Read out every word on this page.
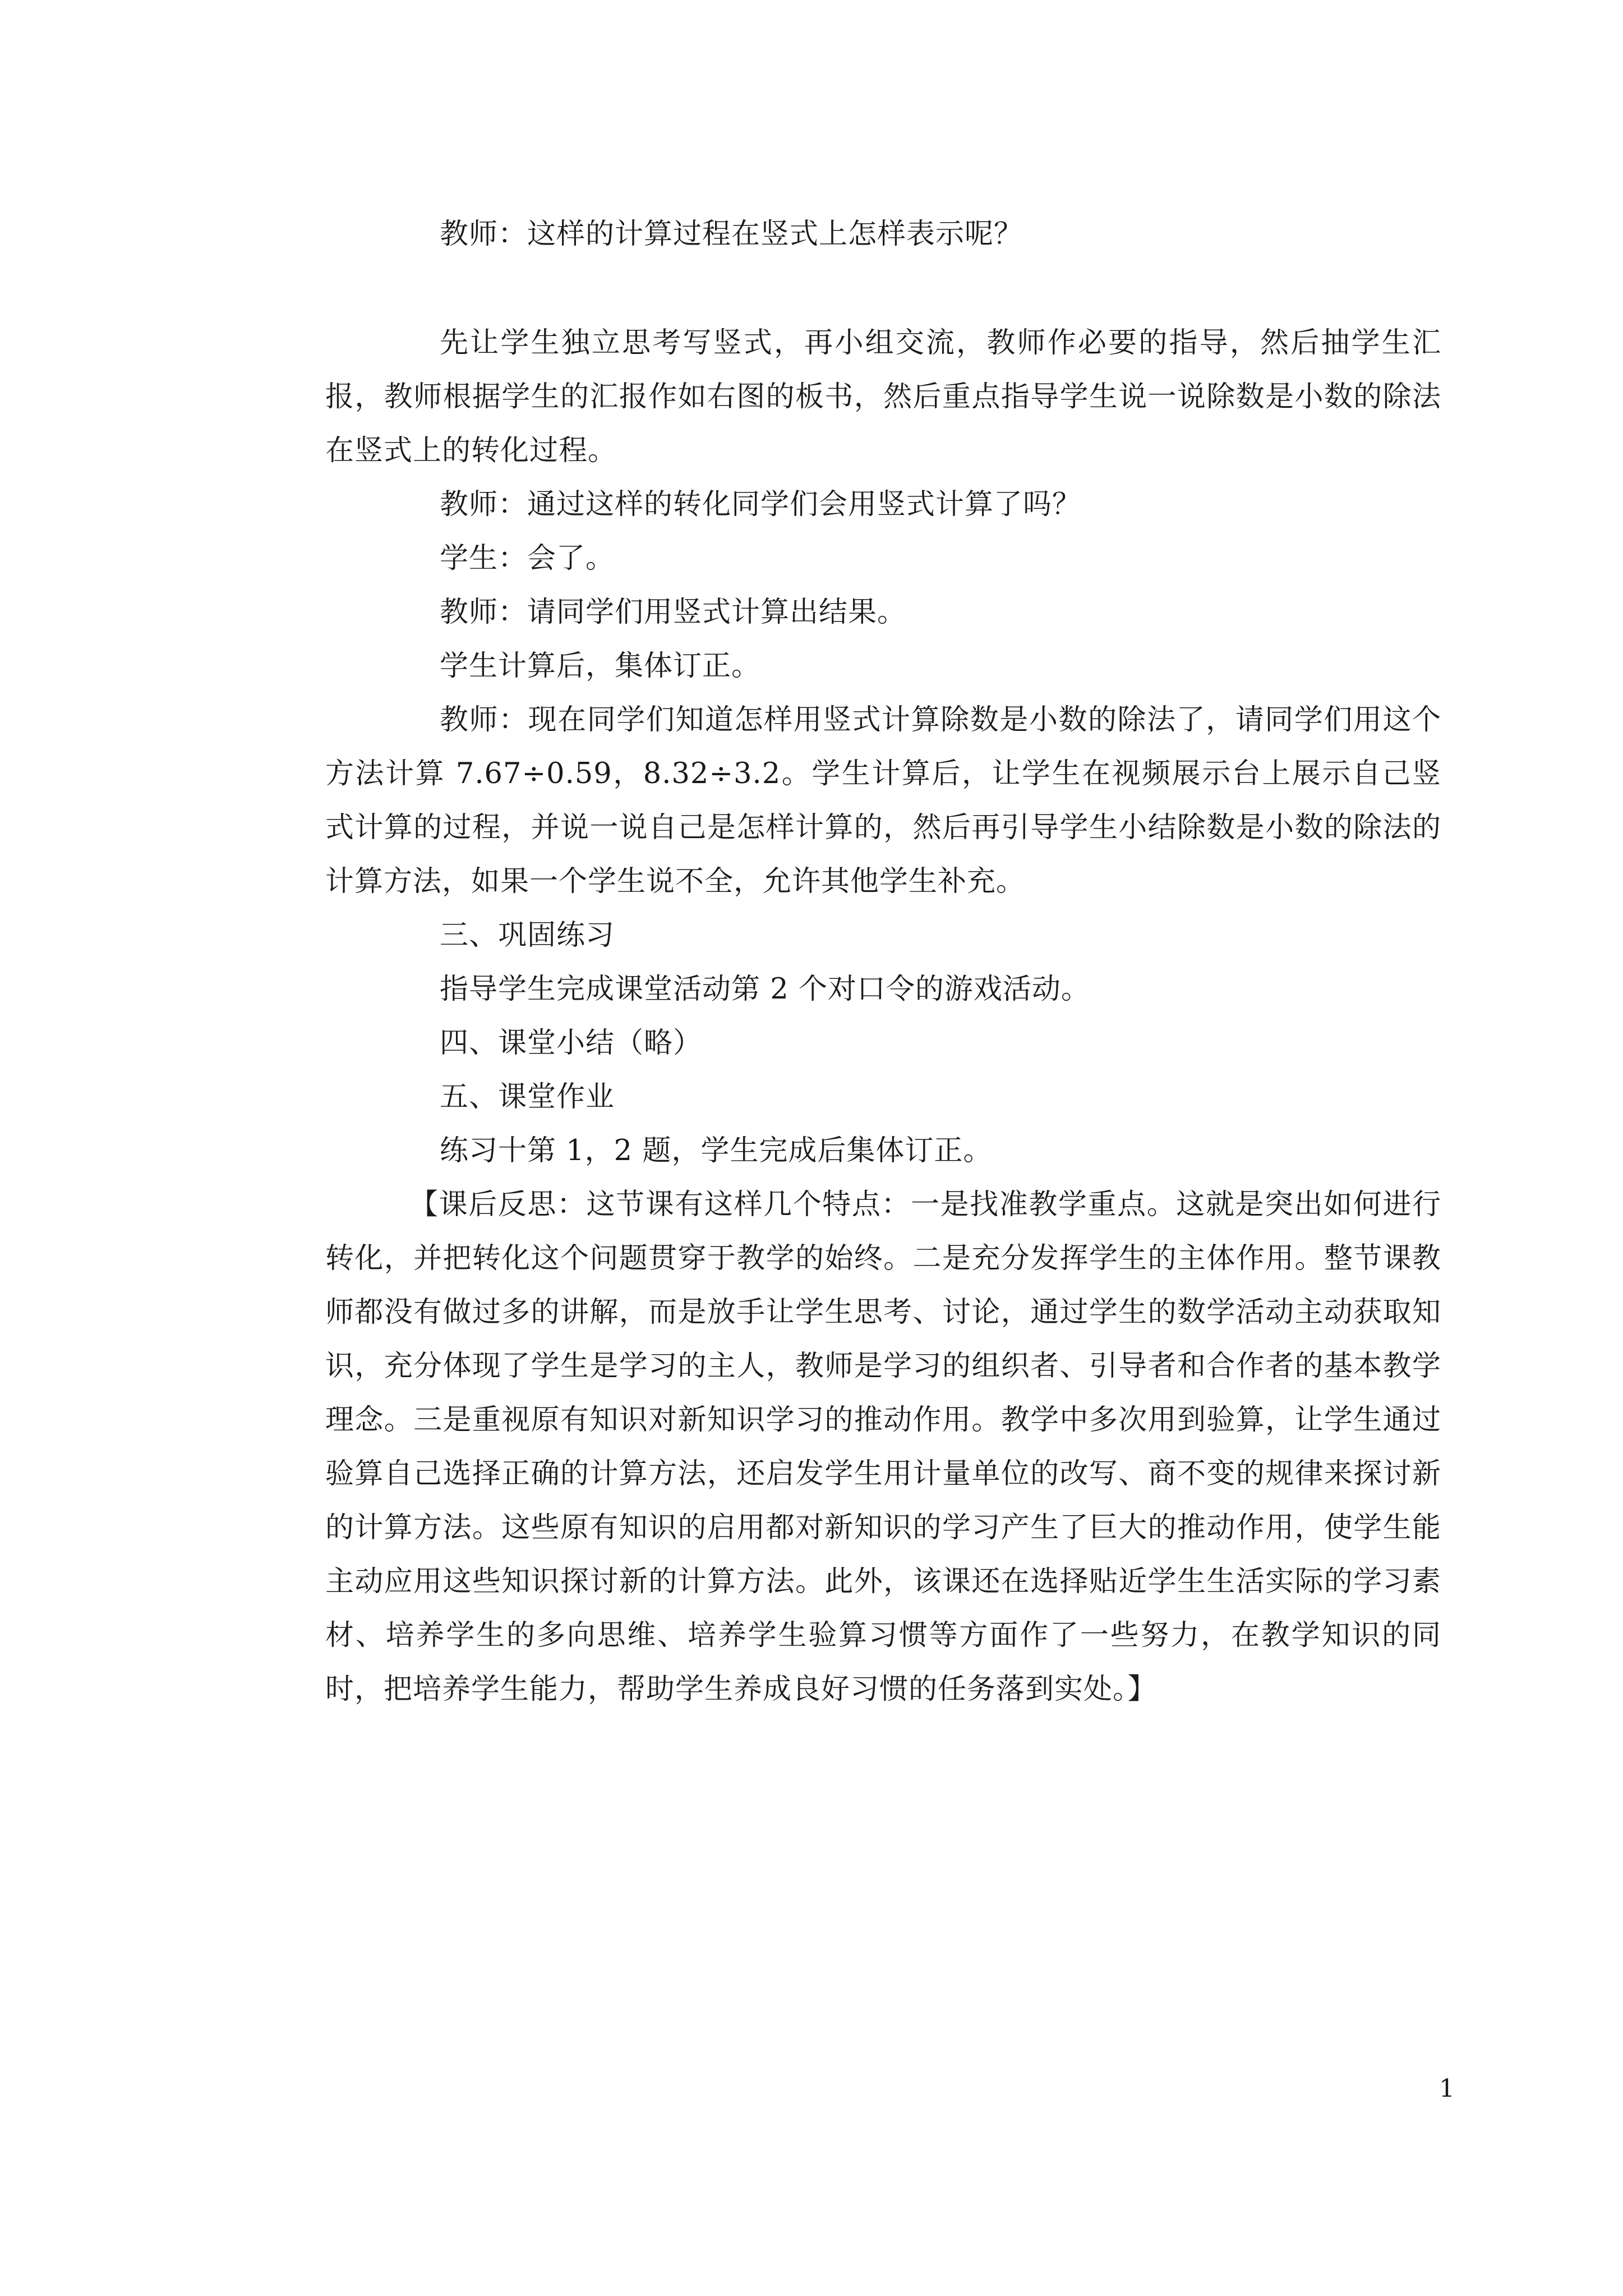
教师：这样的计算过程在竖式上怎样表示呢？

先让学生独立思考写竖式，再小组交流，教师作必要的指导，然后抽学生汇报，教师根据学生的汇报作如右图的板书，然后重点指导学生说一说除数是小数的除法在竖式上的转化过程。

教师：通过这样的转化同学们会用竖式计算了吗？

学生：会了。

教师：请同学们用竖式计算出结果。

学生计算后，集体订正。

教师：现在同学们知道怎样用竖式计算除数是小数的除法了，请同学们用这个方法计算 7.67÷0.59，8.32÷3.2。学生计算后，让学生在视频展示台上展示自己竖式计算的过程，并说一说自己是怎样计算的，然后再引导学生小结除数是小数的除法的计算方法，如果一个学生说不全，允许其他学生补充。

三、巩固练习

指导学生完成课堂活动第 2 个对口令的游戏活动。

四、课堂小结（略）

五、课堂作业

练习十第 1，2 题，学生完成后集体订正。

【课后反思：这节课有这样几个特点：一是找准教学重点。这就是突出如何进行转化，并把转化这个问题贯穿于教学的始终。二是充分发挥学生的主体作用。整节课教师都没有做过多的讲解，而是放手让学生思考、讨论，通过学生的数学活动主动获取知识，充分体现了学生是学习的主人，教师是学习的组织者、引导者和合作者的基本教学理念。三是重视原有知识对新知识学习的推动作用。教学中多次用到验算，让学生通过验算自己选择正确的计算方法，还启发学生用计量单位的改写、商不变的规律来探讨新的计算方法。这些原有知识的启用都对新知识的学习产生了巨大的推动作用，使学生能主动应用这些知识探讨新的计算方法。此外，该课还在选择贴近学生生活实际的学习素材、培养学生的多向思维、培养学生验算习惯等方面作了一些努力，在教学知识的同时，把培养学生能力，帮助学生养成良好习惯的任务落到实处。】

1
